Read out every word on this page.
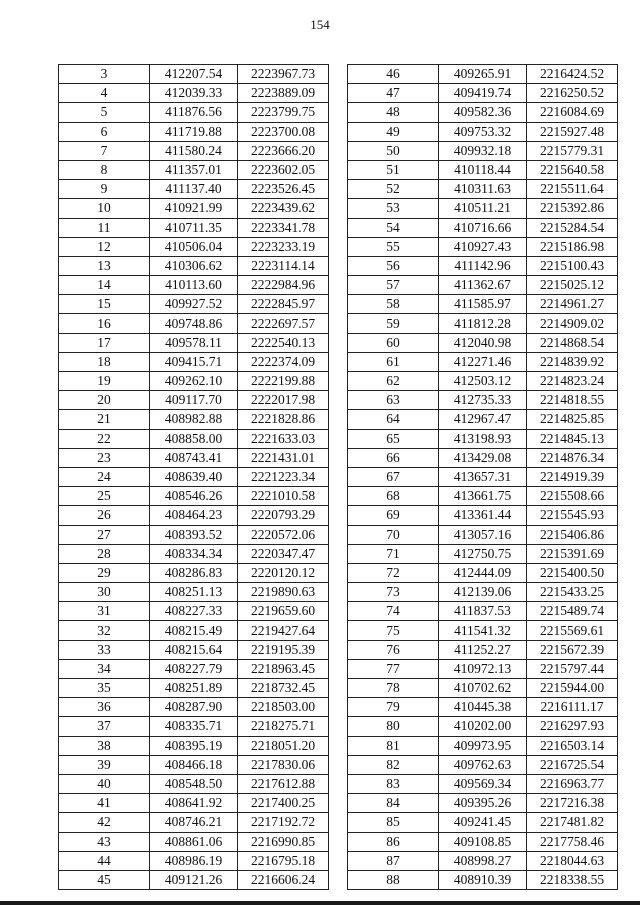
154
3	412207.54	2223967.73
4	412039.33	2223889.09
5	411876.56	2223799.75
6	411719.88	2223700.08
7	411580.24	2223666.20
8	411357.01	2223602.05
9	411137.40	2223526.45
10	410921.99	2223439.62
11	410711.35	2223341.78
12	410506.04	2223233.19
13	410306.62	2223114.14
14	410113.60	2222984.96
15	409927.52	2222845.97
16	409748.86	2222697.57
17	409578.11	2222540.13
18	409415.71	2222374.09
19	409262.10	2222199.88
20	409117.70	2222017.98
21	408982.88	2221828.86
22	408858.00	2221633.03
23	408743.41	2221431.01
24	408639.40	2221223.34
25	408546.26	2221010.58
26	408464.23	2220793.29
27	408393.52	2220572.06
28	408334.34	2220347.47
29	408286.83	2220120.12
30	408251.13	2219890.63
31	408227.33	2219659.60
32	408215.49	2219427.64
33	408215.64	2219195.39
34	408227.79	2218963.45
35	408251.89	2218732.45
36	408287.90	2218503.00
37	408335.71	2218275.71
38	408395.19	2218051.20
39	408466.18	2217830.06
40	408548.50	2217612.88
41	408641.92	2217400.25
42	408746.21	2217192.72
43	408861.06	2216990.85
44	408986.19	2216795.18
45	409121.26	2216606.24
46	409265.91	2216424.52
47	409419.74	2216250.52
48	409582.36	2216084.69
49	409753.32	2215927.48
50	409932.18	2215779.31
51	410118.44	2215640.58
52	410311.63	2215511.64
53	410511.21	2215392.86
54	410716.66	2215284.54
55	410927.43	2215186.98
56	411142.96	2215100.43
57	411362.67	2215025.12
58	411585.97	2214961.27
59	411812.28	2214909.02
60	412040.98	2214868.54
61	412271.46	2214839.92
62	412503.12	2214823.24
63	412735.33	2214818.55
64	412967.47	2214825.85
65	413198.93	2214845.13
66	413429.08	2214876.34
67	413657.31	2214919.39
68	413661.75	2215508.66
69	413361.44	2215545.93
70	413057.16	2215406.86
71	412750.75	2215391.69
72	412444.09	2215400.50
73	412139.06	2215433.25
74	411837.53	2215489.74
75	411541.32	2215569.61
76	411252.27	2215672.39
77	410972.13	2215797.44
78	410702.62	2215944.00
79	410445.38	2216111.17
80	410202.00	2216297.93
81	409973.95	2216503.14
82	409762.63	2216725.54
83	409569.34	2216963.77
84	409395.26	2217216.38
85	409241.45	2217481.82
86	409108.85	2217758.46
87	408998.27	2218044.63
88	408910.39	2218338.55
